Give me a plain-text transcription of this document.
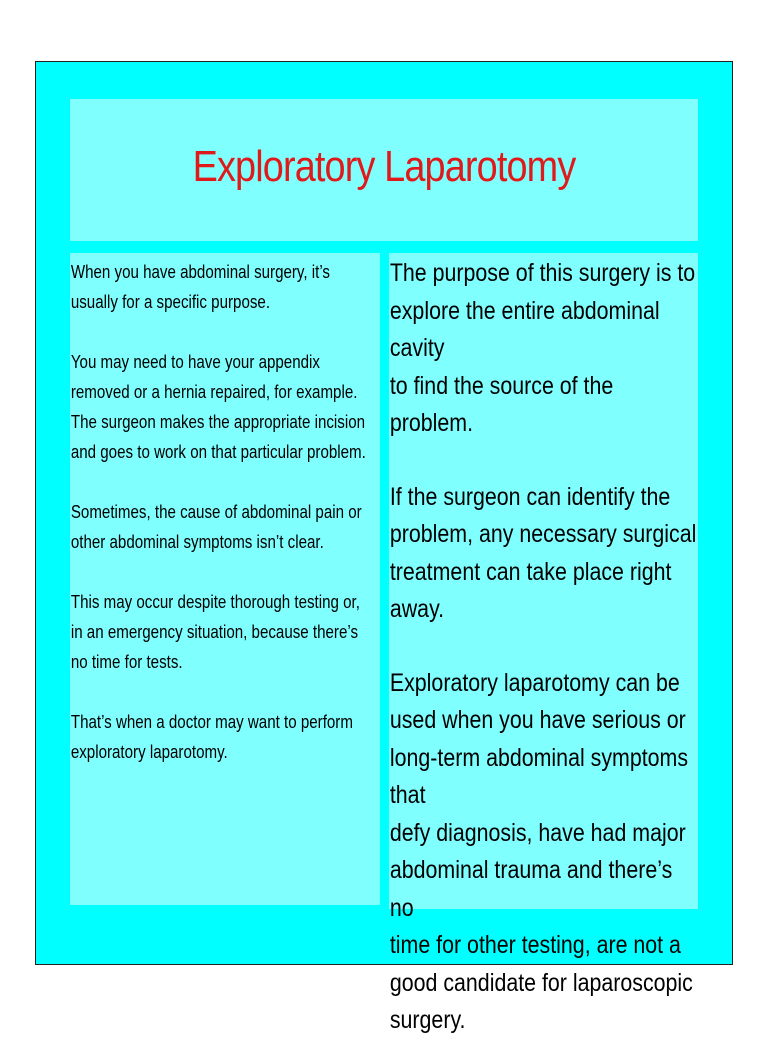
Exploratory Laparotomy

When you have abdominal surgery, it’s
usually for a specific purpose.

You may need to have your appendix
removed or a hernia repaired, for example.
The surgeon makes the appropriate incision
and goes to work on that particular problem.

Sometimes, the cause of abdominal pain or
other abdominal symptoms isn’t clear.

This may occur despite thorough testing or,
in an emergency situation, because there’s
no time for tests.

That’s when a doctor may want to perform
exploratory laparotomy.

The purpose of this surgery is to
explore the entire abdominal cavity
to find the source of the problem.

If the surgeon can identify the
problem, any necessary surgical
treatment can take place right
away.

Exploratory laparotomy can be
used when you have serious or
long-term abdominal symptoms that
defy diagnosis, have had major
abdominal trauma and there’s no
time for other testing, are not a
good candidate for laparoscopic
surgery.
